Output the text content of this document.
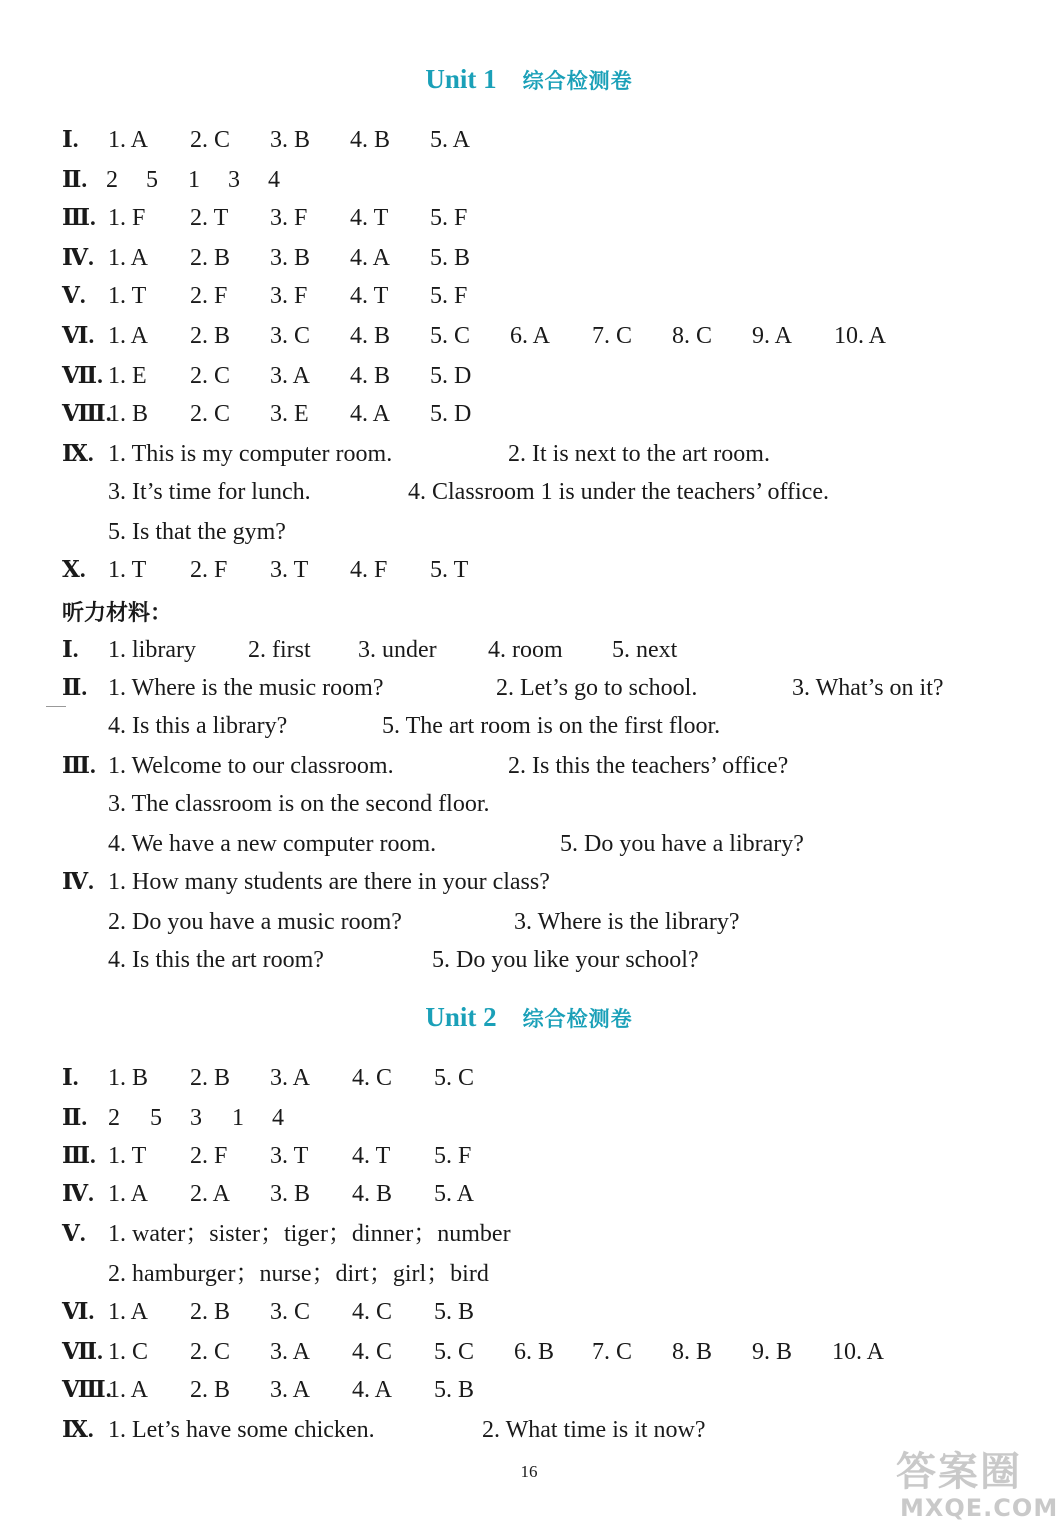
Unit 1 综合检测卷
Ⅰ.	1. A 2. C 3. B 4. B 5. A
Ⅱ. 2 5 1 3 4
Ⅲ. 1. F 2. T 3. F 4. T 5. F
Ⅳ. 1. A 2. B 3. B 4. A 5. B
Ⅴ. 1. T 2. F 3. F 4. T 5. F
Ⅵ. 1. A 2. B 3. C 4. B 5. C 6. A 7. C 8. C 9. A 10. A
Ⅶ. 1. E 2. C 3. A 4. B 5. D
Ⅷ.
1. B 2. C 3. E 4. A 5. D
Ⅸ. 1. This is my computer room.	2. It is next to the art room.
3. It’s time for lunch.	4. Classroom 1 is under the teachers’ office.
5. Is that the gym?
Ⅹ. 1. T 2. F 3. T 4. F 5. T
听力材料：
Ⅰ.	1. library 2. first 3. under 4. room 5. next
Ⅱ. 1. Where is the music room?	2. Let’s go to school.	3. What’s on it?
4. Is this a library?	5. The art room is on the first floor.
Ⅲ. 1. Welcome to our classroom.	2. Is this the teachers’ office?
3. The classroom is on the second floor.
4. We have a new computer room.	5. Do you have a library?
Ⅳ. 1. How many students are there in your class?
2. Do you have a music room?	3. Where is the library?
4. Is this the art room?	5. Do you like your school?
Unit 2 综合检测卷
Ⅰ.	1. B 2. B 3. A 4. C 5. C
Ⅱ. 2 5 3 1 4
Ⅲ. 1. T 2. F 3. T 4. T 5. F
Ⅳ. 1. A 2. A 3. B 4. B 5. A
Ⅴ. 1. water；sister；tiger；dinner；number
2. hamburger；nurse；dirt；girl；bird
Ⅵ. 1. A 2. B 3. C 4. C 5. B
Ⅶ. 1. C 2. C 3. A 4. C 5. C 6. B 7. C 8. B 9. B 10. A
Ⅷ.
1. A 2. B 3. A 4. A 5. B
Ⅸ. 1. Let’s have some chicken.	2. What time is it now?
16	答案圈
MXQE.COM
